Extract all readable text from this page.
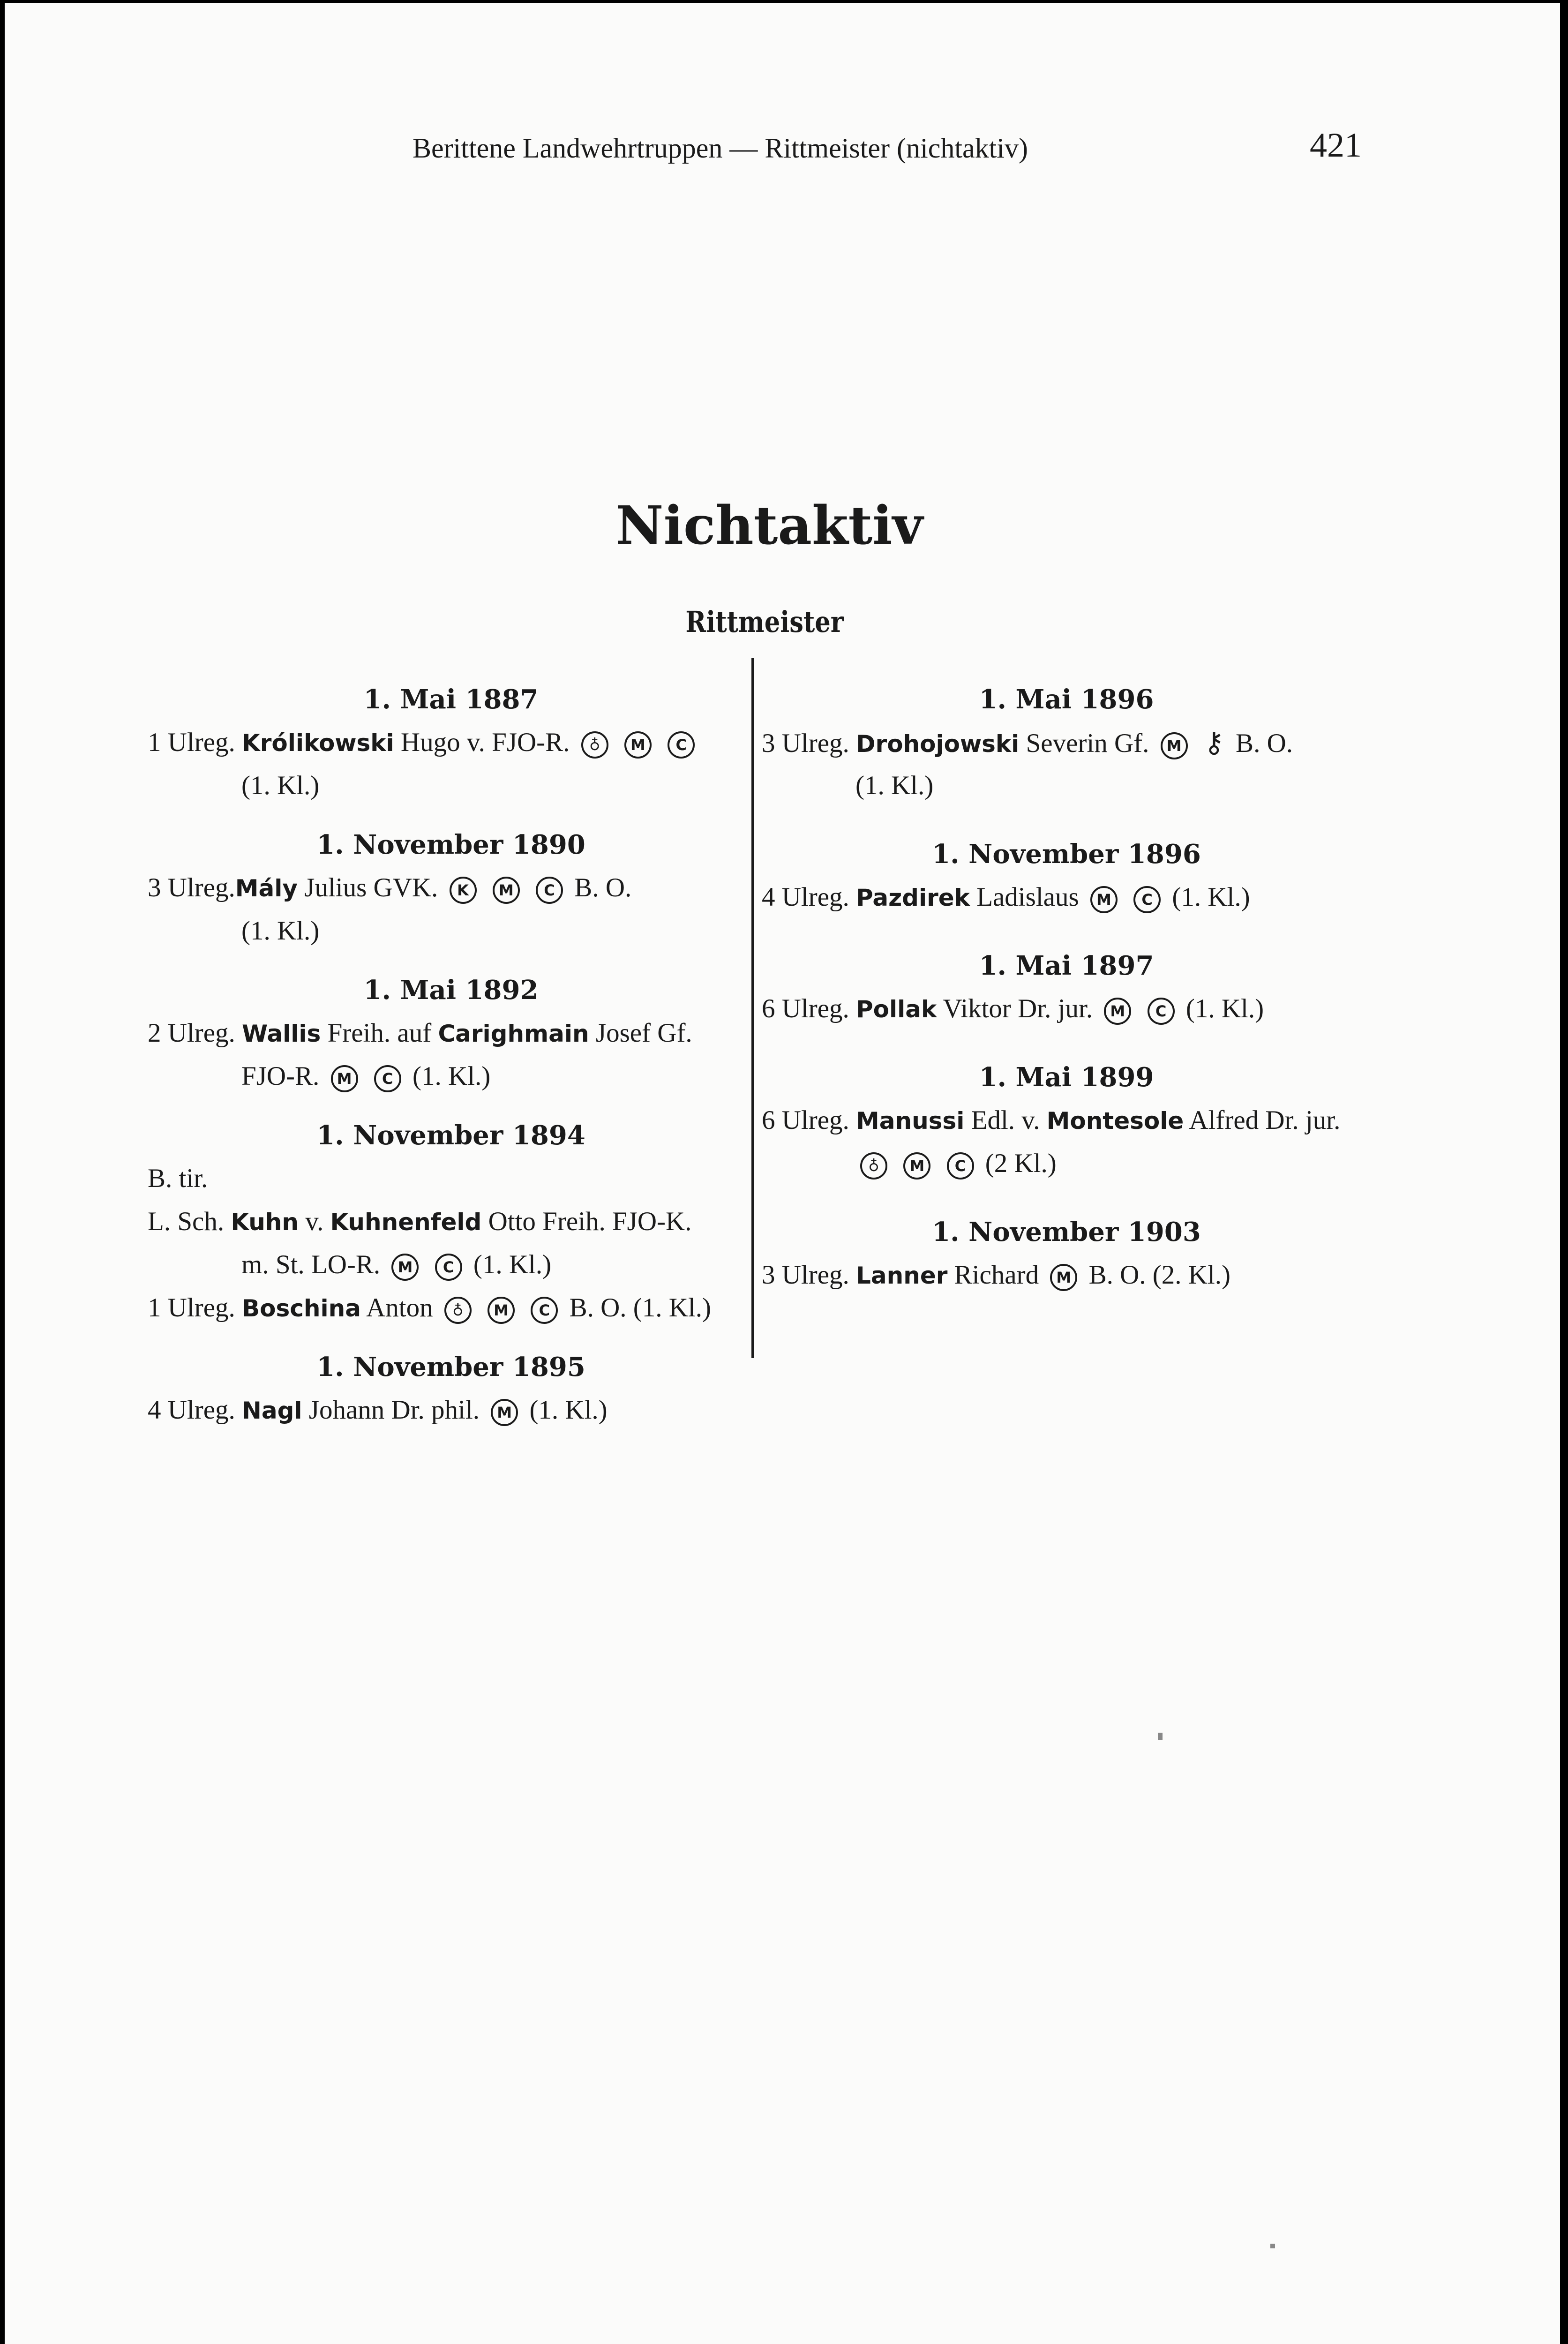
Berittene Landwehrtruppen — Rittmeister (nichtaktiv)	421
Nichtaktiv
Rittmeister
1. Mai 1887
1 Ulreg. Królikowski Hugo v. FJO-R. ♁ M C
(1. Kl.)
1. November 1890
3 Ulreg.Mály Julius GVK. K M C B. O.
(1. Kl.)
1. Mai 1892
2 Ulreg. Wallis Freih. auf Carighmain Josef Gf.
FJO-R. M C (1. Kl.)
1. November 1894
B. tir.
L. Sch. Kuhn v. Kuhnenfeld Otto Freih. FJO-K.
m. St. LO-R. M C (1. Kl.)
1 Ulreg. Boschina Anton ♁ M C B. O. (1. Kl.)
1. November 1895
4 Ulreg. Nagl Johann Dr. phil. M (1. Kl.)
1. Mai 1896
3 Ulreg. Drohojowski Severin Gf. M ⚷ B. O.
(1. Kl.)
1. November 1896
4 Ulreg. Pazdirek Ladislaus M C (1. Kl.)
1. Mai 1897
6 Ulreg. Pollak Viktor Dr. jur. M C (1. Kl.)
1. Mai 1899
6 Ulreg. Manussi Edl. v. Montesole Alfred Dr. jur.
♁ M C (2 Kl.)
1. November 1903
3 Ulreg. Lanner Richard M B. O. (2. Kl.)
